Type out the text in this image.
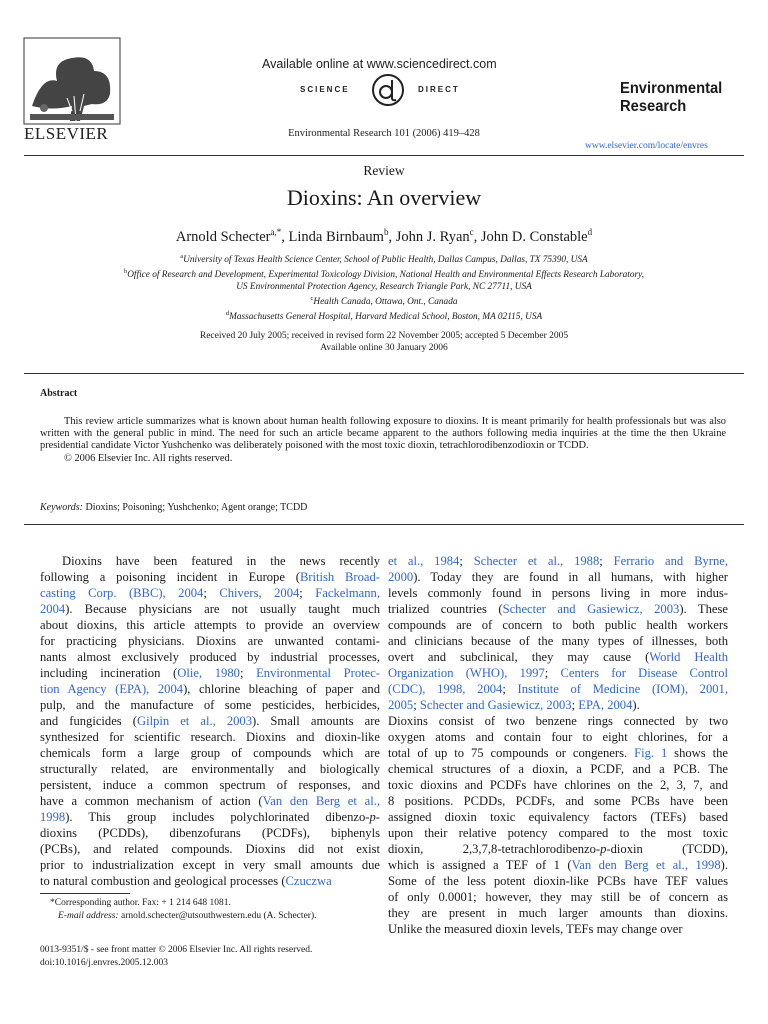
ELSEVIER
Available online at www.sciencedirect.com
SCIENCE	DIRECT
Environmental Research 101 (2006) 419–428
Environmental
Research
www.elsevier.com/locate/envres
Review
Dioxins: An overview
Arnold Schecter$^{a,*}$, Linda Birnbaum$^b$, John J. Ryan$^c$, John D. Constable$^d$
$^a$University of Texas Health Science Center, School of Public Health, Dallas Campus, Dallas, TX 75390, USA
$^b$Office of Research and Development, Experimental Toxicology Division, National Health and Environmental Effects Research Laboratory,
US Environmental Protection Agency, Research Triangle Park, NC 27711, USA
$^c$Health Canada, Ottawa, Ont., Canada
$^d$Massachusetts General Hospital, Harvard Medical School, Boston, MA 02115, USA
Received 20 July 2005; received in revised form 22 November 2005; accepted 5 December 2005
Available online 30 January 2006
Abstract

This review article summarizes what is known about human health following exposure to dioxins. It is meant primarily for health professionals but was also written with the general public in mind. The need for such an article became apparent to the authors following media inquiries at the time the then Ukraine presidential candidate Victor Yushchenko was deliberately poisoned with the most toxic dioxin, tetrachlorodibenzodioxin or TCDD.

© 2006 Elsevier Inc. All rights reserved.

Keywords: Dioxins; Poisoning; Yushchenko; Agent orange; TCDD
Dioxins have been featured in the news recently
following a poisoning incident in Europe (British Broad-
casting Corp. (BBC), 2004; Chivers, 2004; Fackelmann,
2004). Because physicians are not usually taught much
about dioxins, this article attempts to provide an overview
for practicing physicians. Dioxins are unwanted contami-
nants almost exclusively produced by industrial processes,
including incineration (Olie, 1980; Environmental Protec-
tion Agency (EPA), 2004), chlorine bleaching of paper and
pulp, and the manufacture of some pesticides, herbicides,
and fungicides (Gilpin et al., 2003). Small amounts are
synthesized for scientific research. Dioxins and dioxin-like
chemicals form a large group of compounds which are
structurally related, are environmentally and biologically
persistent, induce a common spectrum of responses, and
have a common mechanism of action (Van den Berg et al.,
1998). This group includes polychlorinated dibenzo-p-
dioxins (PCDDs), dibenzofurans (PCDFs), biphenyls
(PCBs), and related compounds. Dioxins did not exist
prior to industrialization except in very small amounts due
to natural combustion and geological processes (Czuczwa
et al., 1984; Schecter et al., 1988; Ferrario and Byrne,
2000). Today they are found in all humans, with higher
levels commonly found in persons living in more indus-
trialized countries (Schecter and Gasiewicz, 2003). These
compounds are of concern to both public health workers
and clinicians because of the many types of illnesses, both
overt and subclinical, they may cause (World Health
Organization (WHO), 1997; Centers for Disease Control
(CDC), 1998, 2004; Institute of Medicine (IOM), 2001,
2005; Schecter and Gasiewicz, 2003; EPA, 2004).
Dioxins consist of two benzene rings connected by two
oxygen atoms and contain four to eight chlorines, for a
total of up to 75 compounds or congeners. Fig. 1 shows the
chemical structures of a dioxin, a PCDF, and a PCB. The
toxic dioxins and PCDFs have chlorines on the 2, 3, 7, and
8 positions. PCDDs, PCDFs, and some PCBs have been
assigned dioxin toxic equivalency factors (TEFs) based
upon their relative potency compared to the most toxic
dioxin, 2,3,7,8-tetrachlorodibenzo-p-dioxin (TCDD),
which is assigned a TEF of 1 (Van den Berg et al., 1998).
Some of the less potent dioxin-like PCBs have TEF values
of only 0.0001; however, they may still be of concern as
they are present in much larger amounts than dioxins.
Unlike the measured dioxin levels, TEFs may change over
*Corresponding author. Fax: + 1 214 648 1081.
E-mail address: arnold.schecter@utsouthwestern.edu (A. Schecter).
0013-9351/$ - see front matter © 2006 Elsevier Inc. All rights reserved.
doi:10.1016/j.envres.2005.12.003
